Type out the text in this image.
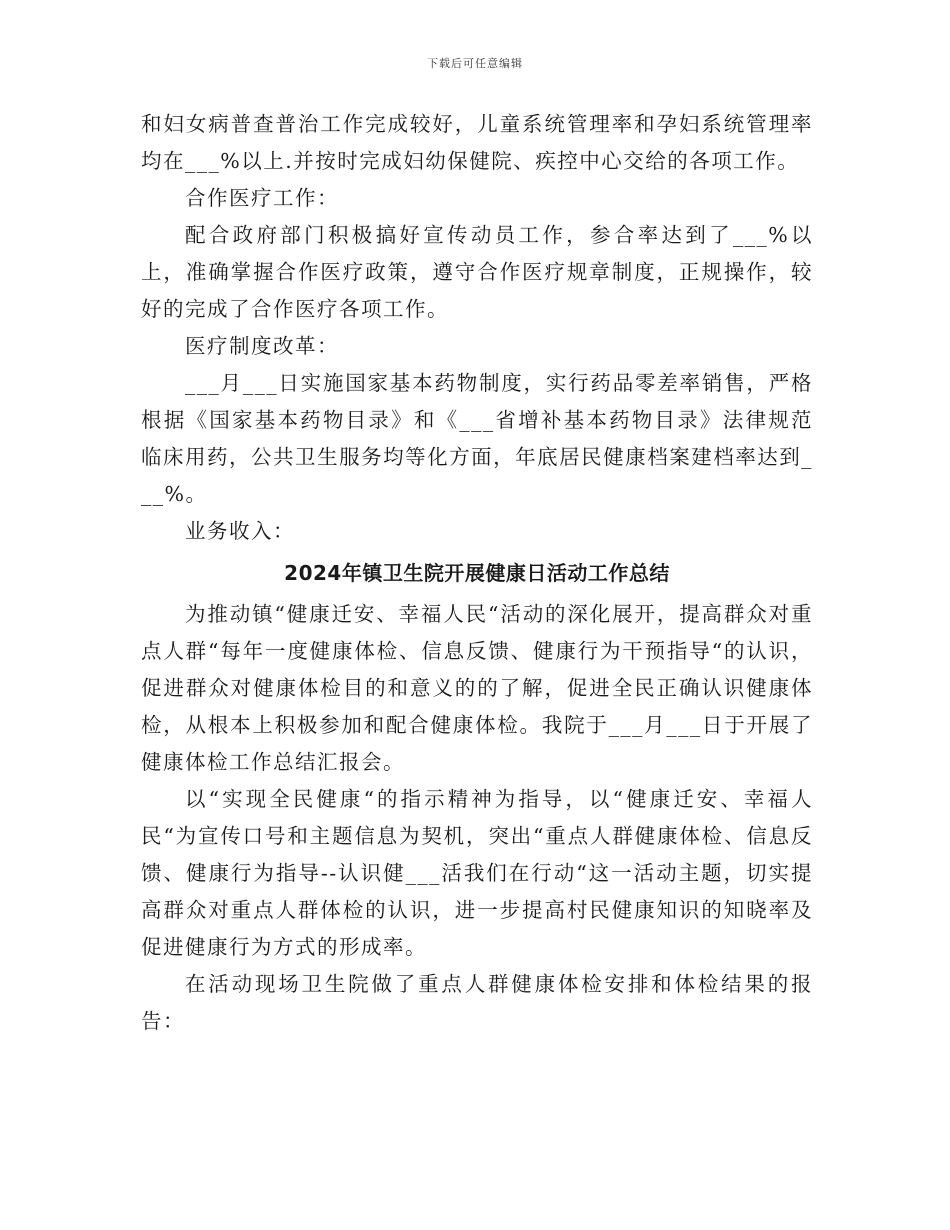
下载后可任意编辑

和妇女病普查普治工作完成较好，儿童系统管理率和孕妇系统管理率均在___%以上.并按时完成妇幼保健院、疾控中心交给的各项工作。

合作医疗工作：

配合政府部门积极搞好宣传动员工作，参合率达到了___%以上，准确掌握合作医疗政策，遵守合作医疗规章制度，正规操作，较好的完成了合作医疗各项工作。

医疗制度改革：

___月___日实施国家基本药物制度，实行药品零差率销售，严格根据《国家基本药物目录》和《___省增补基本药物目录》法律规范临床用药，公共卫生服务均等化方面，年底居民健康档案建档率达到___%。

业务收入：

2024年镇卫生院开展健康日活动工作总结

为推动镇“健康迁安、幸福人民“活动的深化展开，提高群众对重点人群“每年一度健康体检、信息反馈、健康行为干预指导“的认识，促进群众对健康体检目的和意义的的了解，促进全民正确认识健康体检，从根本上积极参加和配合健康体检。我院于___月___日于开展了健康体检工作总结汇报会。

以“实现全民健康“的指示精神为指导，以“健康迁安、幸福人民“为宣传口号和主题信息为契机，突出“重点人群健康体检、信息反馈、健康行为指导--认识健___活我们在行动“这一活动主题，切实提高群众对重点人群体检的认识，进一步提高村民健康知识的知晓率及促进健康行为方式的形成率。

在活动现场卫生院做了重点人群健康体检安排和体检结果的报告：
